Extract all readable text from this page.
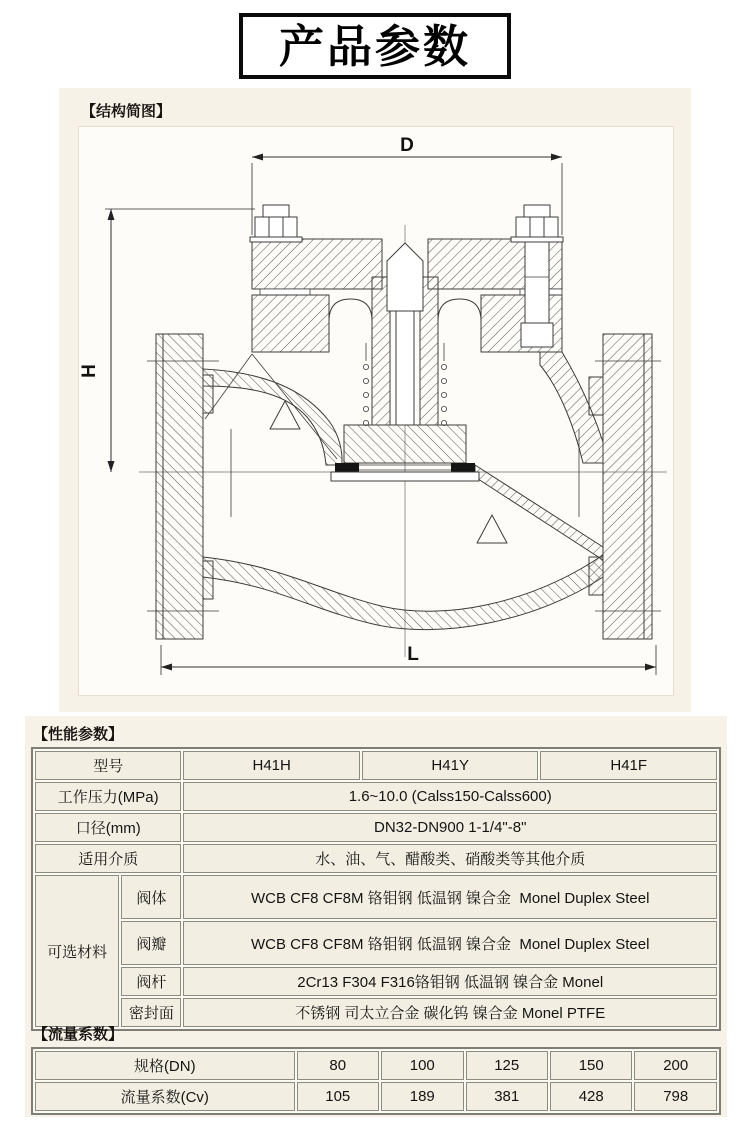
产品参数
【结构简图】
D
H
L
【性能参数】
型号		H41H	H41Y	H41F
工作压力(MPa)		1.6~10.0 (Calss150-Calss600)		
口径(mm)		DN32-DN900 1-1/4"-8"		
适用介质		水、油、气、醋酸类、硝酸类等其他介质		
可选材料	阀体	WCB CF8 CF8M 铬钼钢 低温钢 镍合金  Monel Duplex Steel		
	阀瓣	WCB CF8 CF8M 铬钼钢 低温钢 镍合金  Monel Duplex Steel		
	阀杆	2Cr13 F304 F316铬钼钢 低温钢 镍合金 Monel		
	密封面	不锈钢 司太立合金 碳化钨 镍合金 Monel PTFE		
【流量系数】
规格(DN)	80	100	125	150	200
流量系数(Cv)	105	189	381	428	798
